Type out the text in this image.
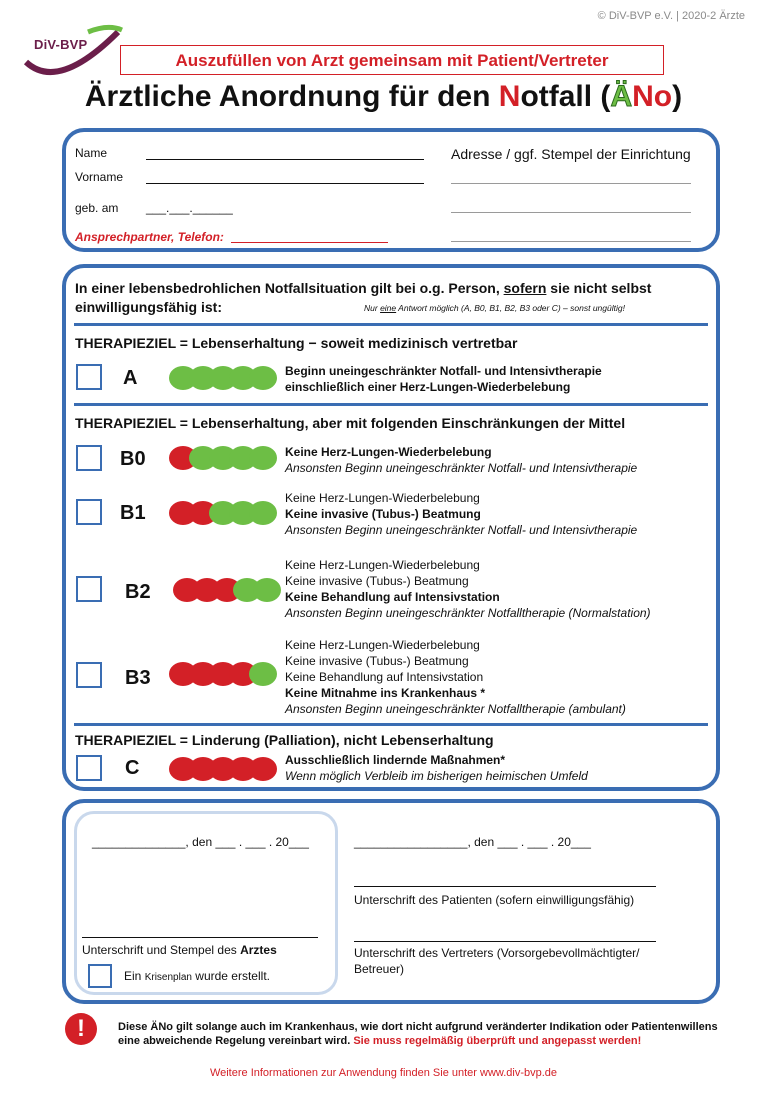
© DiV-BVP e.V. | 2020-2 Ärzte
DiV-BVP
Auszufüllen von Arzt gemeinsam mit Patient/Vertreter
Ärztliche Anordnung für den Notfall (ÄNo)
Name
Vorname
geb. am ___.___.______
Ansprechpartner, Telefon:
Adresse / ggf. Stempel der Einrichtung
In einer lebensbedrohlichen Notfallsituation gilt bei o.g. Person, sofern sie nicht selbst
einwilligungsfähig ist:	Nur eine Antwort möglich (A, B0, B1, B2, B3 oder C) – sonst ungültig!
THERAPIEZIEL = Lebenserhaltung − soweit medizinisch vertretbar
A	Beginn uneingeschränkter Notfall- und Intensivtherapie
einschließlich einer Herz-Lungen-Wiederbelebung
THERAPIEZIEL = Lebenserhaltung, aber mit folgenden Einschränkungen der Mittel
B0	Keine Herz-Lungen-Wiederbelebung
Ansonsten Beginn uneingeschränkter Notfall- und Intensivtherapie
B1
Keine Herz-Lungen-Wiederbelebung
Keine invasive (Tubus-) Beatmung
Ansonsten Beginn uneingeschränkter Notfall- und Intensivtherapie
B2
Keine Herz-Lungen-Wiederbelebung
Keine invasive (Tubus-) Beatmung
Keine Behandlung auf Intensivstation
Ansonsten Beginn uneingeschränkter Notfalltherapie (Normalstation)
B3
Keine Herz-Lungen-Wiederbelebung
Keine invasive (Tubus-) Beatmung
Keine Behandlung auf Intensivstation
Keine Mitnahme ins Krankenhaus *
Ansonsten Beginn uneingeschränkter Notfalltherapie (ambulant)
THERAPIEZIEL = Linderung (Palliation), nicht Lebenserhaltung
C	Ausschließlich lindernde Maßnahmen*
Wenn möglich Verbleib im bisherigen heimischen Umfeld
______________, den ___ . ___ . 20___
Unterschrift und Stempel des Arztes
Ein Krisenplan wurde erstellt.
_________________, den ___ . ___ . 20___
Unterschrift des Patienten (sofern einwilligungsfähig)
Unterschrift des Vertreters (Vorsorgebevollmächtigter/
Betreuer)
!	Diese ÄNo gilt solange auch im Krankenhaus, wie dort nicht aufgrund veränderter Indikation oder Patientenwillens eine abweichende Regelung vereinbart wird. Sie muss regelmäßig überprüft und angepasst werden!
Weitere Informationen zur Anwendung finden Sie unter www.div-bvp.de
